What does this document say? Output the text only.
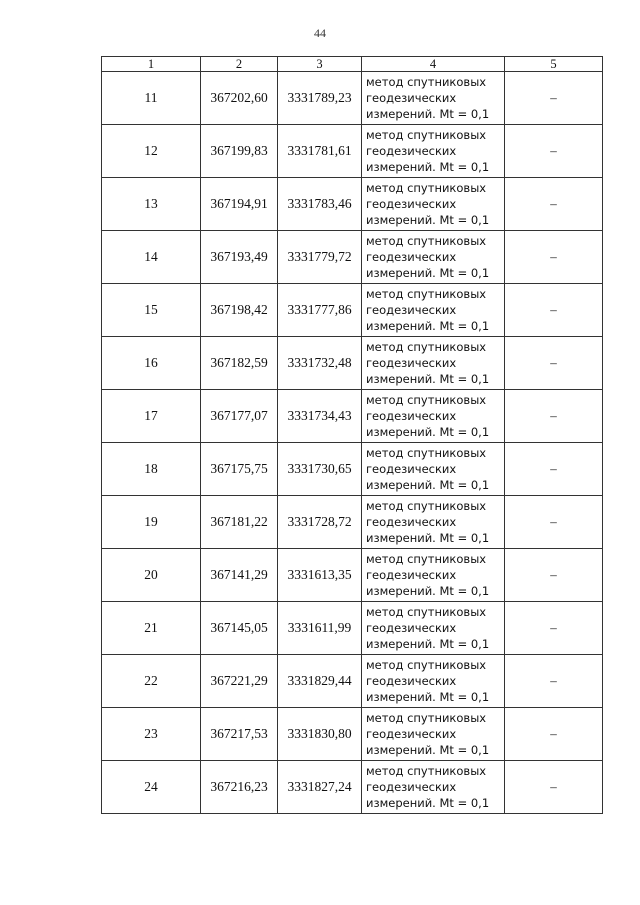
44
1	2	3	4	5
11	367202,60	3331789,23	метод спутниковых
геодезических
измерений. Mt = 0,1	–
12	367199,83	3331781,61	метод спутниковых
геодезических
измерений. Mt = 0,1	–
13	367194,91	3331783,46	метод спутниковых
геодезических
измерений. Mt = 0,1	–
14	367193,49	3331779,72	метод спутниковых
геодезических
измерений. Mt = 0,1	–
15	367198,42	3331777,86	метод спутниковых
геодезических
измерений. Mt = 0,1	–
16	367182,59	3331732,48	метод спутниковых
геодезических
измерений. Mt = 0,1	–
17	367177,07	3331734,43	метод спутниковых
геодезических
измерений. Mt = 0,1	–
18	367175,75	3331730,65	метод спутниковых
геодезических
измерений. Mt = 0,1	–
19	367181,22	3331728,72	метод спутниковых
геодезических
измерений. Mt = 0,1	–
20	367141,29	3331613,35	метод спутниковых
геодезических
измерений. Mt = 0,1	–
21	367145,05	3331611,99	метод спутниковых
геодезических
измерений. Mt = 0,1	–
22	367221,29	3331829,44	метод спутниковых
геодезических
измерений. Mt = 0,1	–
23	367217,53	3331830,80	метод спутниковых
геодезических
измерений. Mt = 0,1	–
24	367216,23	3331827,24	метод спутниковых
геодезических
измерений. Mt = 0,1	–
